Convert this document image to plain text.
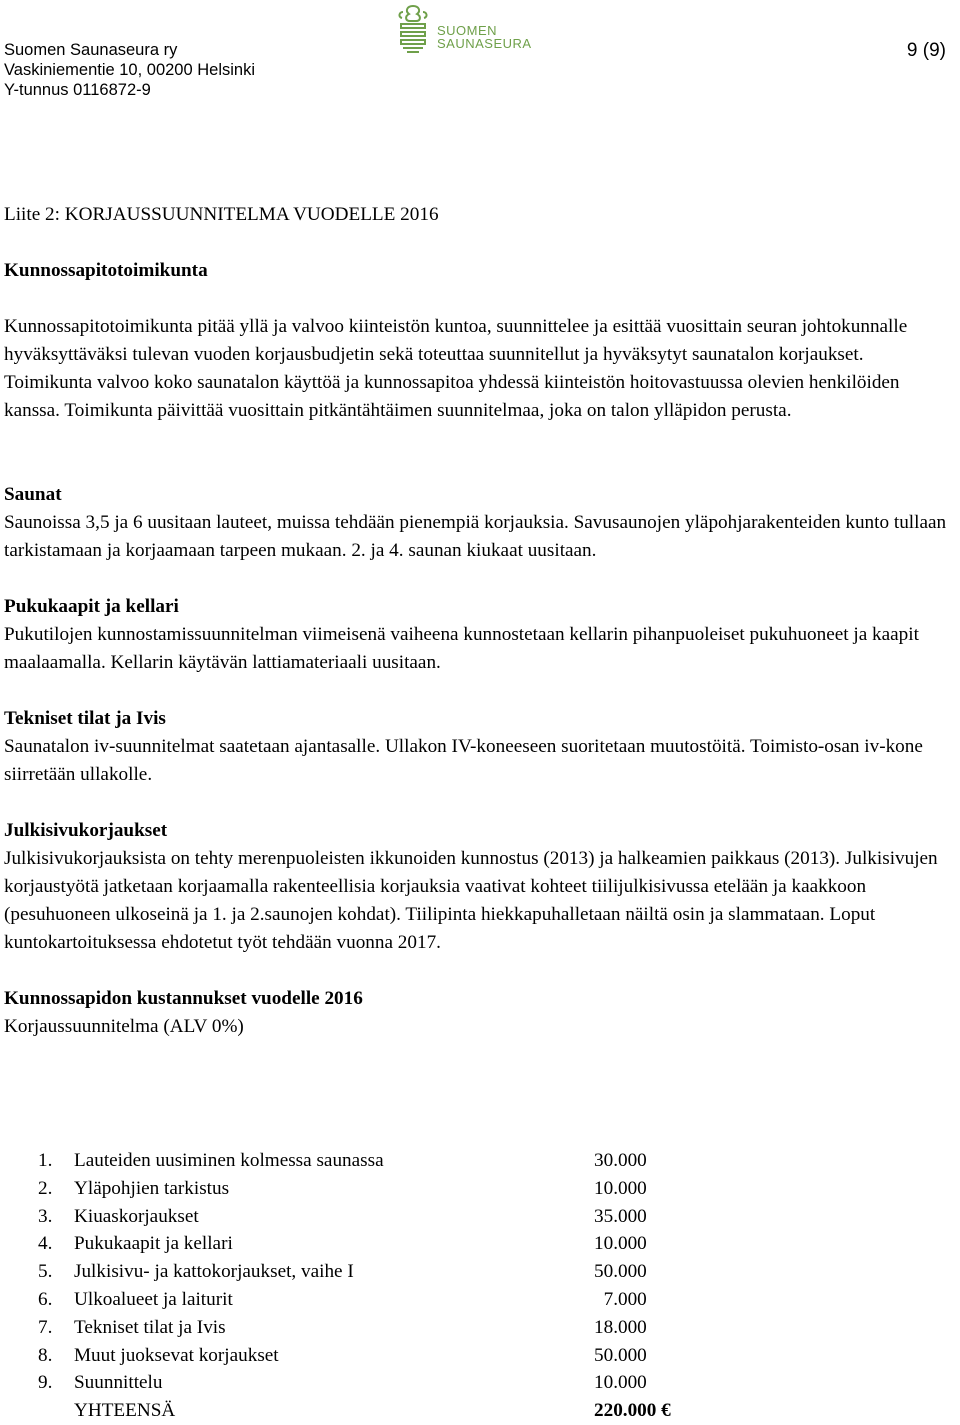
Suomen Saunaseura ry
Vaskiniementie 10, 00200 Helsinki
Y-tunnus 0116872-9
SUOMEN
SAUNASEURA	9 (9)

Liite 2: KORJAUSSUUNNITELMA VUODELLE 2016

Kunnossapitotoimikunta

Kunnossapitotoimikunta pitää yllä ja valvoo kiinteistön kuntoa, suunnittelee ja esittää vuosittain seuran johtokunnalle hyväksyttäväksi tulevan vuoden korjausbudjetin sekä toteuttaa suunnitellut ja hyväksytyt saunatalon korjaukset. Toimikunta valvoo koko saunatalon käyttöä ja kunnossapitoa yhdessä kiinteistön hoitovastuussa olevien henkilöiden kanssa. Toimikunta päivittää vuosittain pitkäntähtäimen suunnitelmaa, joka on talon ylläpidon perusta.

Saunat

Saunoissa 3,5 ja 6 uusitaan lauteet, muissa tehdään pienempiä korjauksia. Savusaunojen yläpohjarakenteiden kunto tullaan tarkistamaan ja korjaamaan tarpeen mukaan. 2. ja 4. saunan kiukaat uusitaan.

Pukukaapit ja kellari

Pukutilojen kunnostamissuunnitelman viimeisenä vaiheena kunnostetaan kellarin pihanpuoleiset pukuhuoneet ja kaapit maalaamalla. Kellarin käytävän lattiamateriaali uusitaan.

Tekniset tilat ja Ivis

Saunatalon iv-suunnitelmat saatetaan ajantasalle. Ullakon IV-koneeseen suoritetaan muutostöitä. Toimisto-osan iv-kone siirretään ullakolle.

Julkisivukorjaukset

Julkisivukorjauksista on tehty merenpuoleisten ikkunoiden kunnostus (2013) ja halkeamien paikkaus (2013). Julkisivujen korjaustyötä jatketaan korjaamalla rakenteellisia korjauksia vaativat kohteet tiilijulkisivussa etelään ja kaakkoon (pesuhuoneen ulkoseinä ja 1. ja 2.saunojen kohdat). Tiilipinta hiekkapuhalletaan näiltä osin ja slammataan. Loput kuntokartoituksessa ehdotetut työt tehdään vuonna 2017.

Kunnossapidon kustannukset vuodelle 2016

Korjaussuunnitelma (ALV 0%)

1.	Lauteiden uusiminen kolmessa saunassa	30.000
2.	Yläpohjien tarkistus	10.000
3.	Kiuaskorjaukset	35.000
4.	Pukukaapit ja kellari	10.000
5.	Julkisivu- ja kattokorjaukset, vaihe I	50.000
6.	Ulkoalueet ja laiturit	7.000
7.	Tekniset tilat ja Ivis	18.000
8.	Muut juoksevat korjaukset	50.000
9.	Suunnittelu	10.000
	YHTEENSÄ	220.000 €
